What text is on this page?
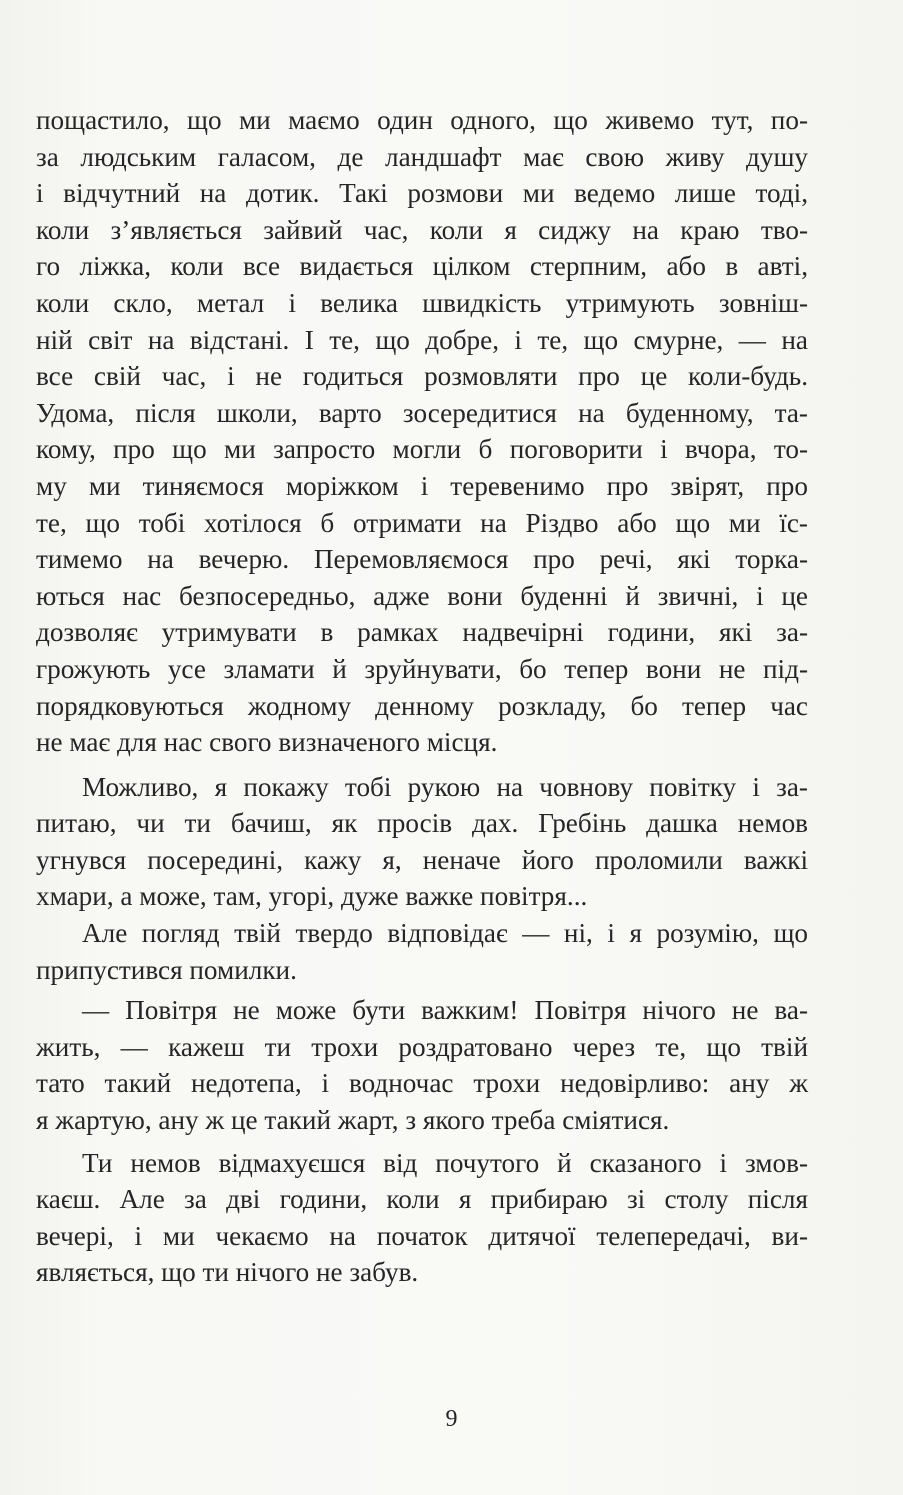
пощастило, що ми маємо один одного, що живемо тут, по-
за людським галасом, де ландшафт має свою живу душу
і відчутний на дотик. Такі розмови ми ведемо лише тоді,
коли з’являється зайвий час, коли я сиджу на краю тво-
го ліжка, коли все видається цілком стерпним, або в авті,
коли скло, метал і велика швидкість утримують зовніш-
ній світ на відстані. І те, що добре, і те, що смурне, — на
все свій час, і не годиться розмовляти про це коли-будь.
Удома, після школи, варто зосередитися на буденному, та-
кому, про що ми запросто могли б поговорити і вчора, то-
му ми тиняємося моріжком і теревенимо про звірят, про
те, що тобі хотілося б отримати на Різдво або що ми їс-
тимемо на вечерю. Перемовляємося про речі, які торка-
ються нас безпосередньо, адже вони буденні й звичні, і це
дозволяє утримувати в рамках надвечірні години, які за-
грожують усе зламати й зруйнувати, бо тепер вони не під-
порядковуються жодному денному розкладу, бо тепер час
не має для нас свого визначеного місця.
Можливо, я покажу тобі рукою на човнову повітку і за-
питаю, чи ти бачиш, як просів дах. Гребінь дашка немов
угнувся посередині, кажу я, неначе його проломили важкі
хмари, а може, там, угорі, дуже важке повітря...
Але погляд твій твердо відповідає — ні, і я розумію, що
припустився помилки.
— Повітря не може бути важким! Повітря нічого не ва-
жить, — кажеш ти трохи роздратовано через те, що твій
тато такий недотепа, і водночас трохи недовірливо: ану ж
я жартую, ану ж це такий жарт, з якого треба сміятися.
Ти немов відмахуєшся від почутого й сказаного і змов-
каєш. Але за дві години, коли я прибираю зі столу після
вечері, і ми чекаємо на початок дитячої телепередачі, ви-
являється, що ти нічого не забув.
9
